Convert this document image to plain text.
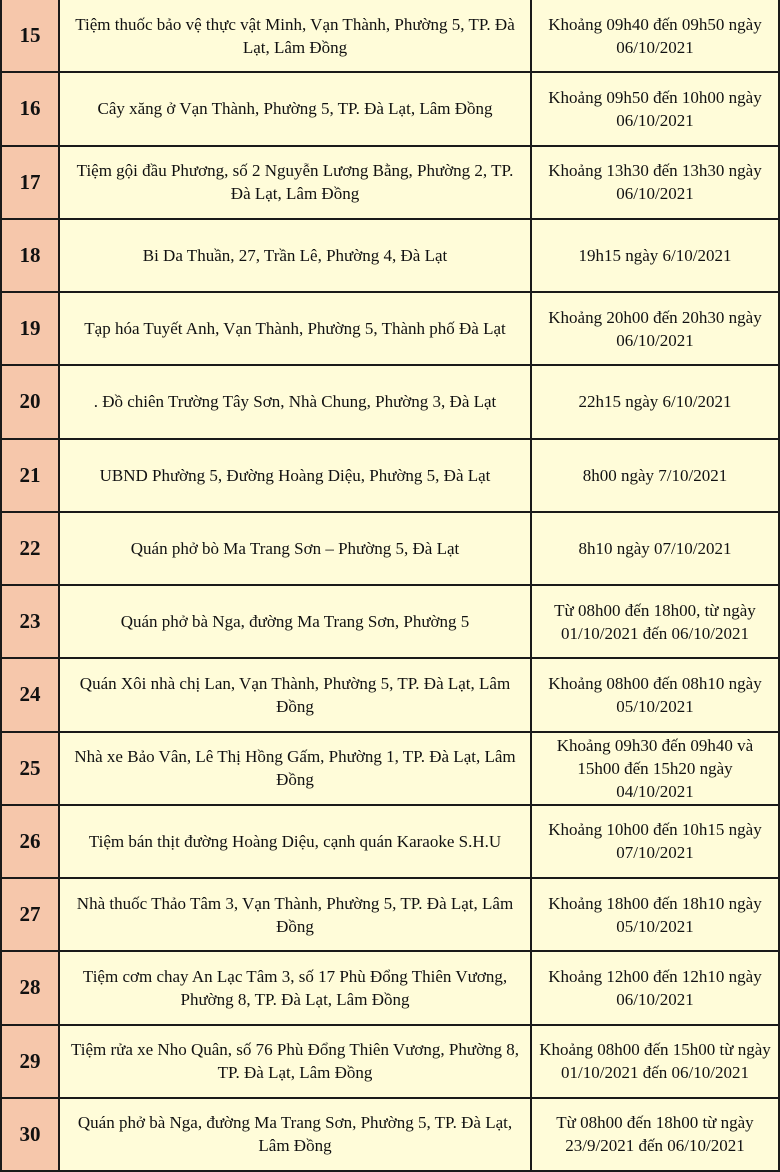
15	Tiệm thuốc bảo vệ thực vật Minh, Vạn Thành, Phường 5, TP. Đà Lạt, Lâm Đồng	Khoảng 09h40 đến 09h50 ngày 06/10/2021
16	Cây xăng ở Vạn Thành, Phường 5, TP. Đà Lạt, Lâm Đồng	Khoảng 09h50 đến 10h00 ngày 06/10/2021
17	Tiệm gội đầu Phương, số 2 Nguyễn Lương Bằng, Phường 2, TP. Đà Lạt, Lâm Đồng	Khoảng 13h30 đến 13h30 ngày 06/10/2021
18	Bi Da Thuần, 27, Trần Lê, Phường 4, Đà Lạt	19h15 ngày 6/10/2021
19	Tạp hóa Tuyết Anh, Vạn Thành, Phường 5, Thành phố Đà Lạt	Khoảng 20h00 đến 20h30 ngày 06/10/2021
20	. Đồ chiên Trường Tây Sơn, Nhà Chung, Phường 3, Đà Lạt	22h15 ngày 6/10/2021
21	UBND Phường 5, Đường Hoàng Diệu, Phường 5, Đà Lạt	8h00 ngày 7/10/2021
22	Quán phở bò Ma Trang Sơn – Phường 5, Đà Lạt	8h10 ngày 07/10/2021
23	Quán phở bà Nga, đường Ma Trang Sơn, Phường 5	Từ 08h00 đến 18h00, từ ngày 01/10/2021 đến 06/10/2021
24	Quán Xôi nhà chị Lan, Vạn Thành, Phường 5, TP. Đà Lạt, Lâm Đồng	Khoảng 08h00 đến 08h10 ngày 05/10/2021
25	Nhà xe Bảo Vân, Lê Thị Hồng Gấm, Phường 1, TP. Đà Lạt, Lâm Đồng	Khoảng 09h30 đến 09h40 và 15h00 đến 15h20 ngày 04/10/2021
26	Tiệm bán thịt đường Hoàng Diệu, cạnh quán Karaoke S.H.U	Khoảng 10h00 đến 10h15 ngày 07/10/2021
27	Nhà thuốc Thảo Tâm 3, Vạn Thành, Phường 5, TP. Đà Lạt, Lâm Đồng	Khoảng 18h00 đến 18h10 ngày 05/10/2021
28	Tiệm cơm chay An Lạc Tâm 3, số 17 Phù Đổng Thiên Vương, Phường 8, TP. Đà Lạt, Lâm Đồng	Khoảng 12h00 đến 12h10 ngày 06/10/2021
29	Tiệm rửa xe Nho Quân, số 76 Phù Đổng Thiên Vương, Phường 8, TP. Đà Lạt, Lâm Đồng	Khoảng 08h00 đến 15h00 từ ngày 01/10/2021 đến 06/10/2021
30	Quán phở bà Nga, đường Ma Trang Sơn, Phường 5, TP. Đà Lạt, Lâm Đồng	Từ 08h00 đến 18h00 từ ngày 23/9/2021 đến 06/10/2021
